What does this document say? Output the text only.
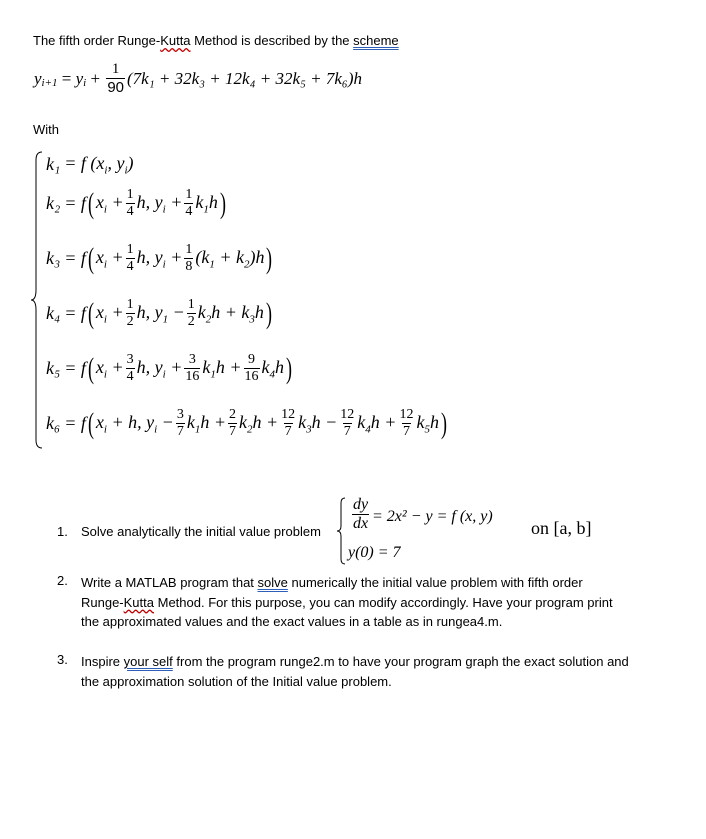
The fifth order Runge-Kutta Method is described by the scheme
$y_{i+1} = y_i + \frac{1}{90} (7k_1 + 32k_3 + 12k_4 + 32k_5 + 7k_6)h$
With
k₁ = f ($x_i$, $y_i$)
k₂ = f ( $x_i + \frac{1}{4} h$, $y_i + \frac{1}{4} k_1h$ )
k₃ = f ( $x_i + \frac{1}{4} h$, $y_i + \frac{1}{8} (k_1 + k_2)h$ )
k₄ = f ( $x_i + \frac{1}{2} h$, $y_1 - \frac{1}{2} k_2h + k_3h$ )
k₅ = f ( $x_i + \frac{3}{4} h$, $y_i + \frac{3}{16} k_1h + \frac{9}{16} k_4h$ )
k₆ = f ( $x_i + h$, $y_i - \frac{3}{7} k_1h + \frac{2}{7} k_2h + \frac{12}{7} k_3h - \frac{12}{7} k_4h + \frac{12}{7} k_5h$ )
1. Solve analytically the initial value problem $\frac{dy}{dx} = 2x^2 - y = f$ (x, y)
y(0) = 7
on [a, b]
2. Write a MATLAB program that solve numerically the initial value problem with fifth order
Runge-Kutta Method. For this purpose, you can modify accordingly. Have your program print
the approximated values and the exact values in a table as in rungea4.m.
3. Inspire your self from the program runge2.m to have your program graph the exact solution and
the approximation solution of the Initial value problem.
